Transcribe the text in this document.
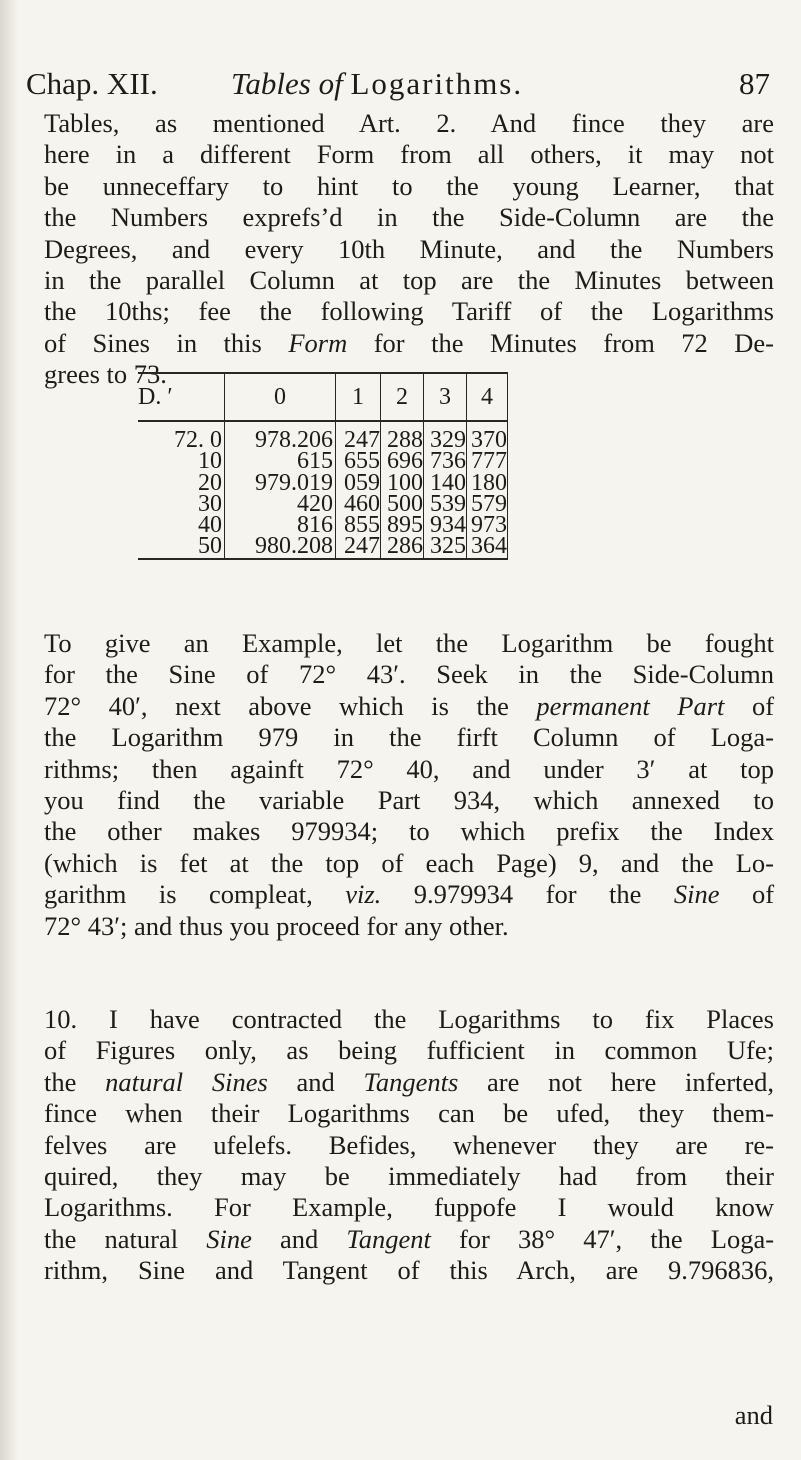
Chap. XII. Tables of Logarithms.	87
Tables, as mentioned Art. 2. And fince they are
here in a different Form from all others, it may not
be unneceffary to hint to the young Learner, that
the Numbers exprefs’d in the Side-Column are the
Degrees, and every 10th Minute, and the Numbers
in the parallel Column at top are the Minutes between
the 10ths; fee the following Tariff of the Logarithms
of Sines in this Form for the Minutes from 72 De-
grees to 73.
D. ′	0	1	2	3	4
72. 0	978.206	247	288	329	370
10	615	655	696	736	777
20	979.019	059	100	140	180
30	420	460	500	539	579
40	816	855	895	934	973
50	980.208	247	286	325	364
To give an Example, let the Logarithm be fought
for the Sine of 72° 43′. Seek in the Side-Column
72° 40′, next above which is the permanent Part of
the Logarithm 979 in the firft Column of Loga-
rithms; then againft 72° 40, and under 3′ at top
you find the variable Part 934, which annexed to
the other makes 979934; to which prefix the Index
(which is fet at the top of each Page) 9, and the Lo-
garithm is compleat, viz. 9.979934 for the Sine of
72° 43′; and thus you proceed for any other.
10. I have contracted the Logarithms to fix Places
of Figures only, as being fufficient in common Ufe;
the natural Sines and Tangents are not here inferted,
fince when their Logarithms can be ufed, they them-
felves are ufelefs. Befides, whenever they are re-
quired, they may be immediately had from their
Logarithms. For Example, fuppofe I would know
the natural Sine and Tangent for 38° 47′, the Loga-
rithm, Sine and Tangent of this Arch, are 9.796836,
and
